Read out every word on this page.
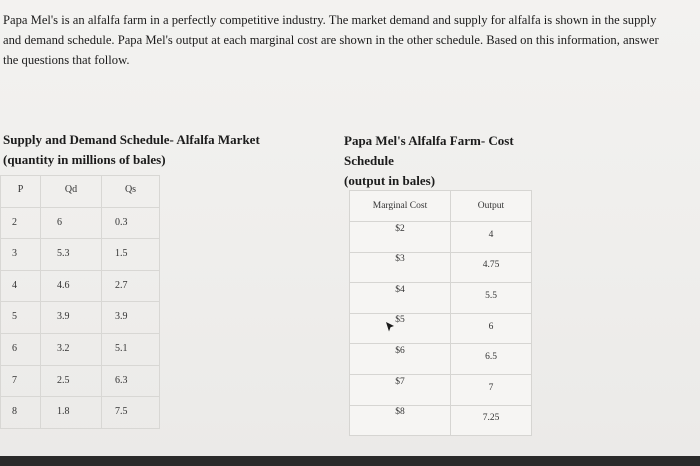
Papa Mel's is an alfalfa farm in a perfectly competitive industry. The market demand and supply for alfalfa is shown in the supply and demand schedule. Papa Mel's output at each marginal cost are shown in the other schedule. Based on this information, answer the questions that follow.
Supply and Demand Schedule- Alfalfa Market
(quantity in millions of bales)
P	Qd	Qs
2	6	0.3
3	5.3	1.5
4	4.6	2.7
5	3.9	3.9
6	3.2	5.1
7	2.5	6.3
8	1.8	7.5
Papa Mel's Alfalfa Farm- Cost
Schedule
(output in bales)
Marginal Cost	Output
$2	4
$3	4.75
$4	5.5
$5	6
$6	6.5
$7	7
$8	7.25
